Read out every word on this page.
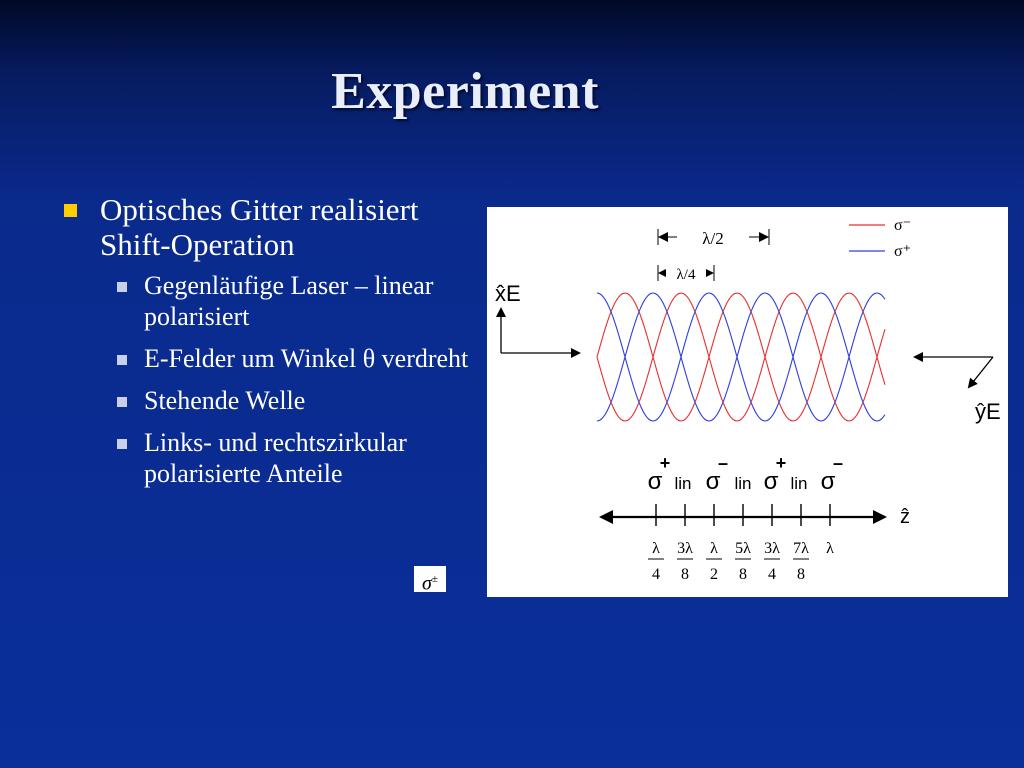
Experiment
Optisches Gitter realisiert Shift-Operation
Gegenläufige Laser – linear polarisiert
E-Felder um Winkel θ verdreht
Stehende Welle
Links- und rechtszirkular polarisierte Anteile
σ±
λ/2
λ/4
σ⁻
σ⁺
x̂E
ŷE
σ
+
lin σ
–
lin σ
+
lin σ
–
ẑ
λ
4
3λ
8
λ
2
5λ
8
3λ
4
7λ
8
λ
